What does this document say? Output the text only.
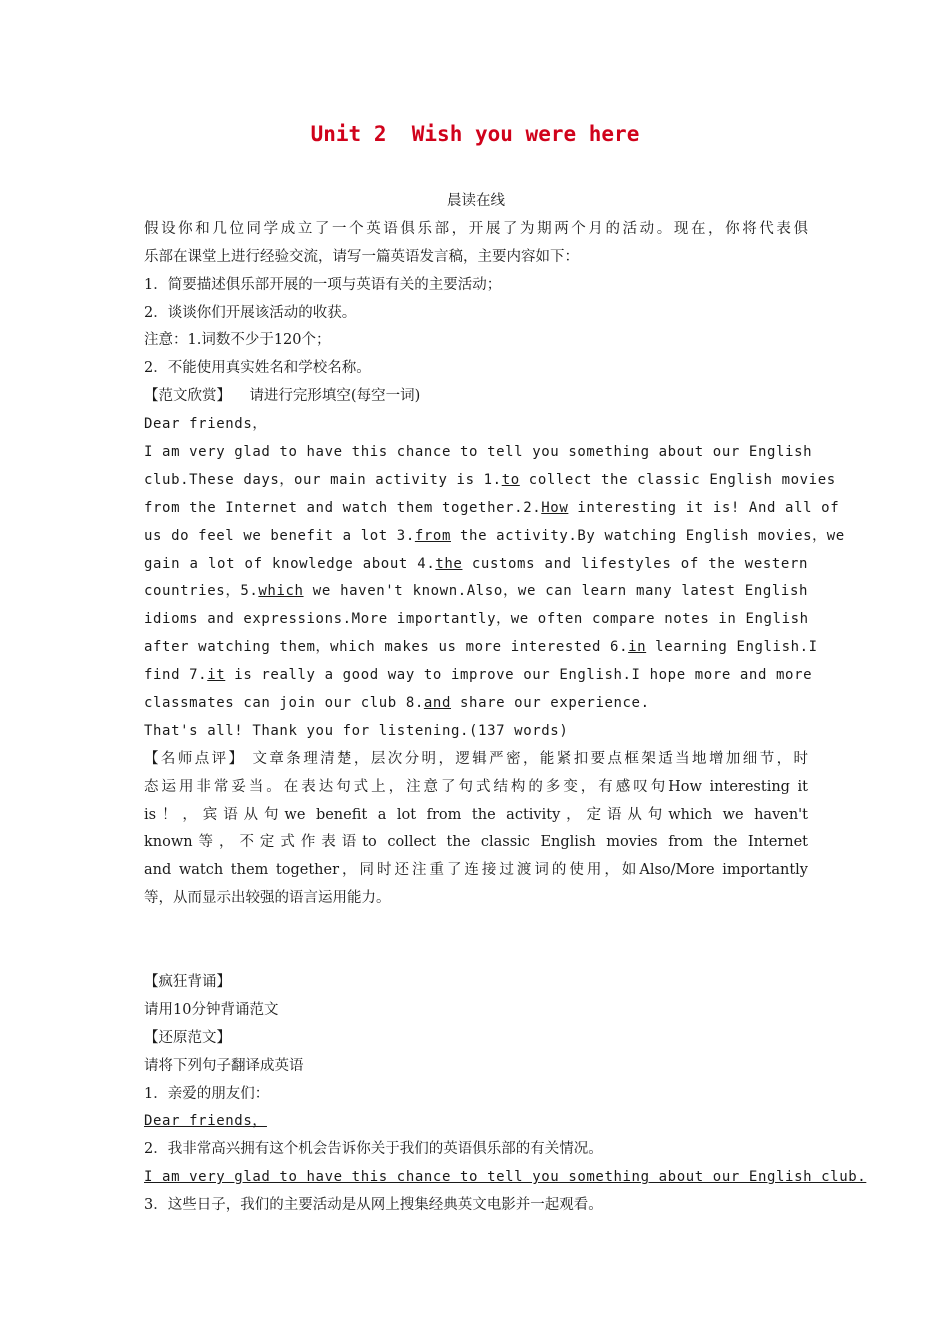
Unit 2  Wish you were here
晨读在线
假设你和几位同学成立了一个英语俱乐部，开展了为期两个月的活动。现在，你将代表俱
乐部在课堂上进行经验交流，请写一篇英语发言稿，主要内容如下：
1．简要描述俱乐部开展的一项与英语有关的主要活动；
2．谈谈你们开展该活动的收获。
注意：1.词数不少于120个；
2．不能使用真实姓名和学校名称。
【范文欣赏】 请进行完形填空(每空一词)
Dear friends，
I am very glad to have this chance to tell you something about our English
club.These days，our main activity is 1.to collect the classic English movies
from the Internet and watch them together.2.How interesting it is! And all of
us do feel we benefit a lot 3.from the activity.By watching English movies，we
gain a lot of knowledge about 4.the customs and lifestyles of the western
countries，5.which we haven't known.Also，we can learn many latest English
idioms and expressions.More importantly，we often compare notes in English
after watching them，which makes us more interested 6.in learning English.I
find 7.it is really a good way to improve our English.I hope more and more
classmates can join our club 8.and share our experience.
That's all! Thank you for listening.(137 words)
【名师点评】 文章条理清楚，层次分明，逻辑严密，能紧扣要点框架适当地增加细节，时
态运用非常妥当。在表达句式上，注意了句式结构的多变，有感叹句How interesting it
is！，宾语从句we benefit a lot from the activity，定语从句which we haven't
known等，不定式作表语to collect the classic English movies from the Internet
and watch them together，同时还注重了连接过渡词的使用，如Also/More importantly
等，从而显示出较强的语言运用能力。
【疯狂背诵】
请用10分钟背诵范文
【还原范文】
请将下列句子翻译成英语
1．亲爱的朋友们：
Dear friends，
2．我非常高兴拥有这个机会告诉你关于我们的英语俱乐部的有关情况。
I am very glad to have this chance to tell you something about our English club.
3．这些日子，我们的主要活动是从网上搜集经典英文电影并一起观看。
